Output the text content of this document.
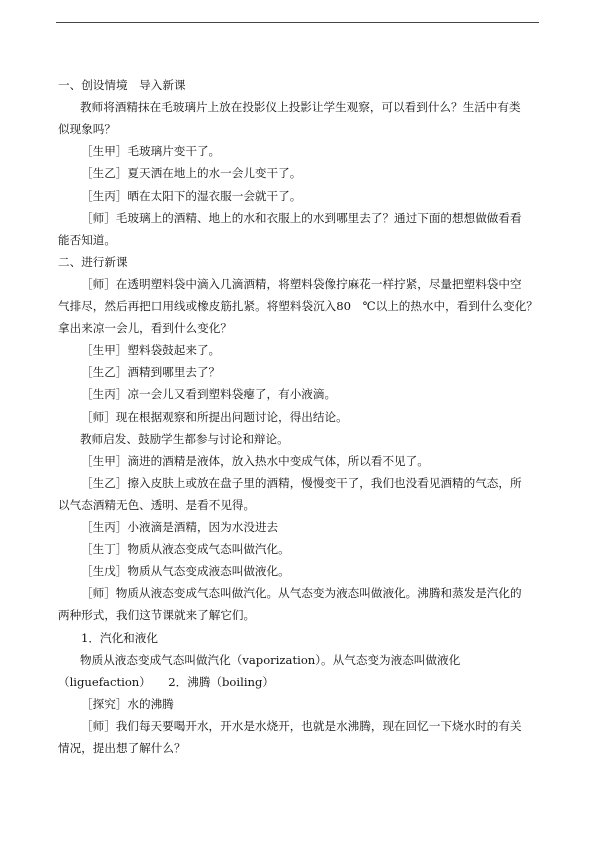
一、创设情境　导入新课
教师将酒精抹在毛玻璃片上放在投影仪上投影让学生观察，可以看到什么？生活中有类
似现象吗？
［生甲］毛玻璃片变干了。
［生乙］夏天洒在地上的水一会儿变干了。
［生丙］晒在太阳下的湿衣服一会就干了。
［师］毛玻璃上的酒精、地上的水和衣服上的水到哪里去了？通过下面的想想做做看看
能否知道。
二、进行新课
［师］在透明塑料袋中滴入几滴酒精，将塑料袋像拧麻花一样拧紧，尽量把塑料袋中空
气排尽，然后再把口用线或橡皮筋扎紧。将塑料袋沉入80　℃以上的热水中，看到什么变化？
拿出来凉一会儿，看到什么变化？
［生甲］塑料袋鼓起来了。
［生乙］酒精到哪里去了？
［生丙］凉一会儿又看到塑料袋瘪了，有小液滴。
［师］现在根据观察和所提出问题讨论，得出结论。
教师启发、鼓励学生都参与讨论和辩论。
［生甲］滴进的酒精是液体，放入热水中变成气体，所以看不见了。
［生乙］擦入皮肤上或放在盘子里的酒精，慢慢变干了，我们也没看见酒精的气态，所
以气态酒精无色、透明、是看不见得。
［生丙］小液滴是酒精，因为水没进去
［生丁］物质从液态变成气态叫做汽化。
［生戊］物质从气态变成液态叫做液化。
［师］物质从液态变成气态叫做汽化。从气态变为液态叫做液化。沸腾和蒸发是汽化的
两种形式，我们这节课就来了解它们。
1．汽化和液化
物质从液态变成气态叫做汽化（vaporization）。从气态变为液态叫做液化
（liguefaction）　　2．沸腾（boiling）
［探究］水的沸腾
［师］我们每天要喝开水，开水是水烧开，也就是水沸腾，现在回忆一下烧水时的有关
情况，提出想了解什么？
